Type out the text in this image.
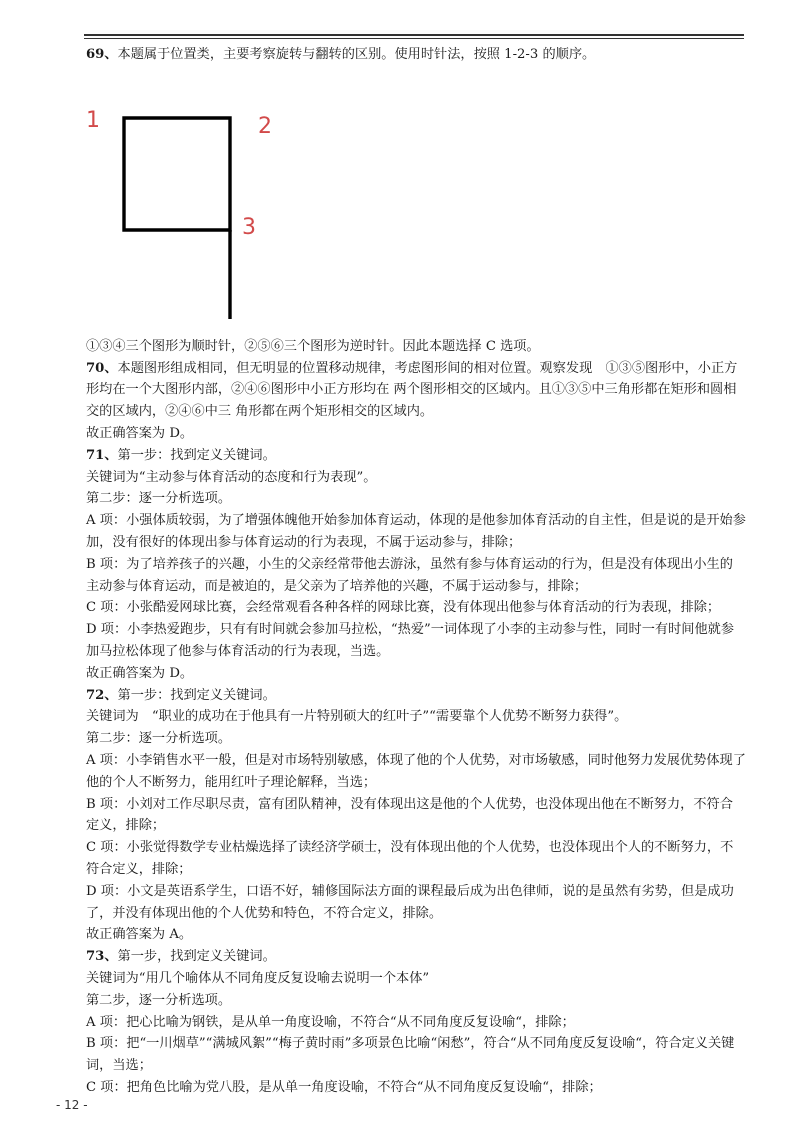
69、本题属于位置类，主要考察旋转与翻转的区别。使用时针法，按照 1-2-3 的顺序。

1	2
3

①③④三个图形为顺时针，②⑤⑥三个图形为逆时针。因此本题选择 C 选项。

70、本题图形组成相同，但无明显的位置移动规律，考虑图形间的相对位置。观察发现　①③⑤图形中，小正方形均在一个大图形内部，②④⑥图形中小正方形均在 两个图形相交的区域内。且①③⑤中三角形都在矩形和圆相交的区域内，②④⑥中三 角形都在两个矩形相交的区域内。

故正确答案为 D。

71、第一步：找到定义关键词。

关键词为“主动参与体育活动的态度和行为表现”。

第二步：逐一分析选项。

A 项：小强体质较弱，为了增强体魄他开始参加体育运动，体现的是他参加体育活动的自主性，但是说的是开始参加，没有很好的体现出参与体育运动的行为表现，不属于运动参与，排除；

B 项：为了培养孩子的兴趣，小生的父亲经常带他去游泳，虽然有参与体育运动的行为，但是没有体现出小生的主动参与体育运动，而是被迫的，是父亲为了培养他的兴趣，不属于运动参与，排除；

C 项：小张酷爱网球比赛，会经常观看各种各样的网球比赛，没有体现出他参与体育活动的行为表现，排除；

D 项：小李热爱跑步，只有有时间就会参加马拉松，“热爱”一词体现了小李的主动参与性，同时一有时间他就参加马拉松体现了他参与体育活动的行为表现，当选。

故正确答案为 D。

72、第一步：找到定义关键词。

关键词为　“职业的成功在于他具有一片特别硕大的红叶子”“需要靠个人优势不断努力获得”。

第二步：逐一分析选项。

A 项：小李销售水平一般，但是对市场特别敏感，体现了他的个人优势，对市场敏感，同时他努力发展优势体现了他的个人不断努力，能用红叶子理论解释，当选；

B 项：小刘对工作尽职尽责，富有团队精神，没有体现出这是他的个人优势，也没体现出他在不断努力，不符合定义，排除；

C 项：小张觉得数学专业枯燥选择了读经济学硕士，没有体现出他的个人优势，也没体现出个人的不断努力，不符合定义，排除；

D 项：小文是英语系学生，口语不好，辅修国际法方面的课程最后成为出色律师，说的是虽然有劣势，但是成功了，并没有体现出他的个人优势和特色，不符合定义，排除。

故正确答案为 A。

73、第一步，找到定义关键词。

关键词为“用几个喻体从不同角度反复设喻去说明一个本体”

第二步，逐一分析选项。

A 项：把心比喻为钢铁，是从单一角度设喻，不符合“从不同角度反复设喻“，排除；

B 项：把“一川烟草”“满城风絮”“梅子黄时雨”多项景色比喻“闲愁”，符合“从不同角度反复设喻“，符合定义关键词，当选；

C 项：把角色比喻为党八股，是从单一角度设喻，不符合“从不同角度反复设喻“，排除；

- 12 -
